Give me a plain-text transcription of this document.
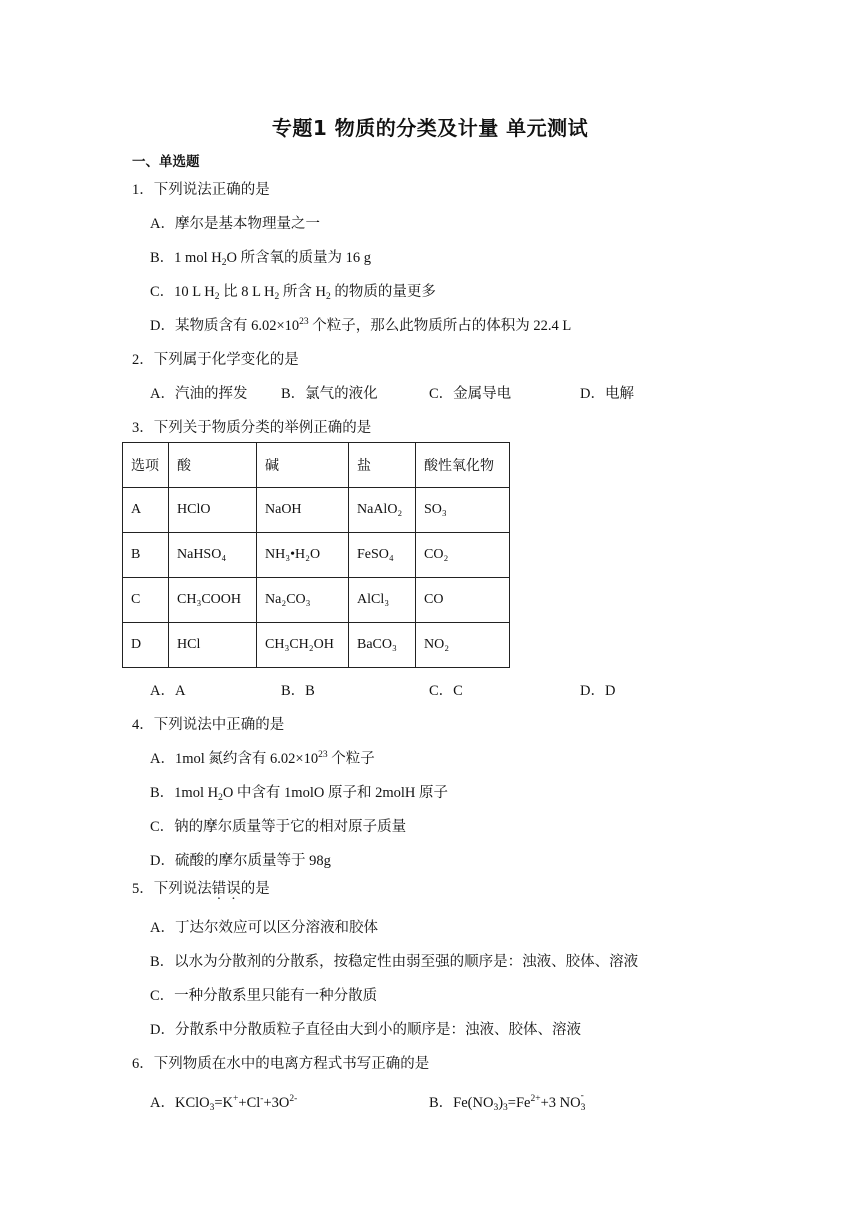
专题1 物质的分类及计量 单元测试
一、单选题
1．下列说法正确的是
A．摩尔是基本物理量之一
B．1 mol $H_2O$ 所含氧的质量为 16 g
C．10 L $H_2$ 比 8 L $H_2$ 所含 $H_2$ 的物质的量更多
D．某物质含有 $6.02\times 10^{23}$ 个粒子，那么此物质所占的体积为 22.4 L
2．下列属于化学变化的是
A．汽油的挥发 B．氯气的液化	C．金属导电	D．电解
3．下列关于物质分类的举例正确的是
选项	酸	碱	盐	酸性氧化物
A	HClO	NaOH	NaAlO₂	SO₃
B	NaHSO₄	NH₃•H₂O	FeSO₄	CO₂
C	CH₃COOH	Na₂CO₃	AlCl₃	CO
D	HCl	CH₃CH₂OH	BaCO₃	NO₂
A．A	B．B	C．C	D．D
4．下列说法中正确的是
A．1mol 氮约含有 $6.02\times 10^{23}$ 个粒子
B．1mol $H_2O$ 中含有 1molO 原子和 2molH 原子
C．钠的摩尔质量等于它的相对原子质量
D．硫酸的摩尔质量等于 98g
5．下列说法错误的是
A．丁达尔效应可以区分溶液和胶体
B．以水为分散剂的分散系，按稳定性由弱至强的顺序是：浊液、胶体、溶液
C．一种分散系里只能有一种分散质
D．分散系中分散质粒子直径由大到小的顺序是：浊液、胶体、溶液
6．下列物质在水中的电离方程式书写正确的是
A．$KClO_3=K^++Cl^-+3O^{2-}$	B．$Fe(NO_3)_3=Fe^{2+}+3$ NO -
3
